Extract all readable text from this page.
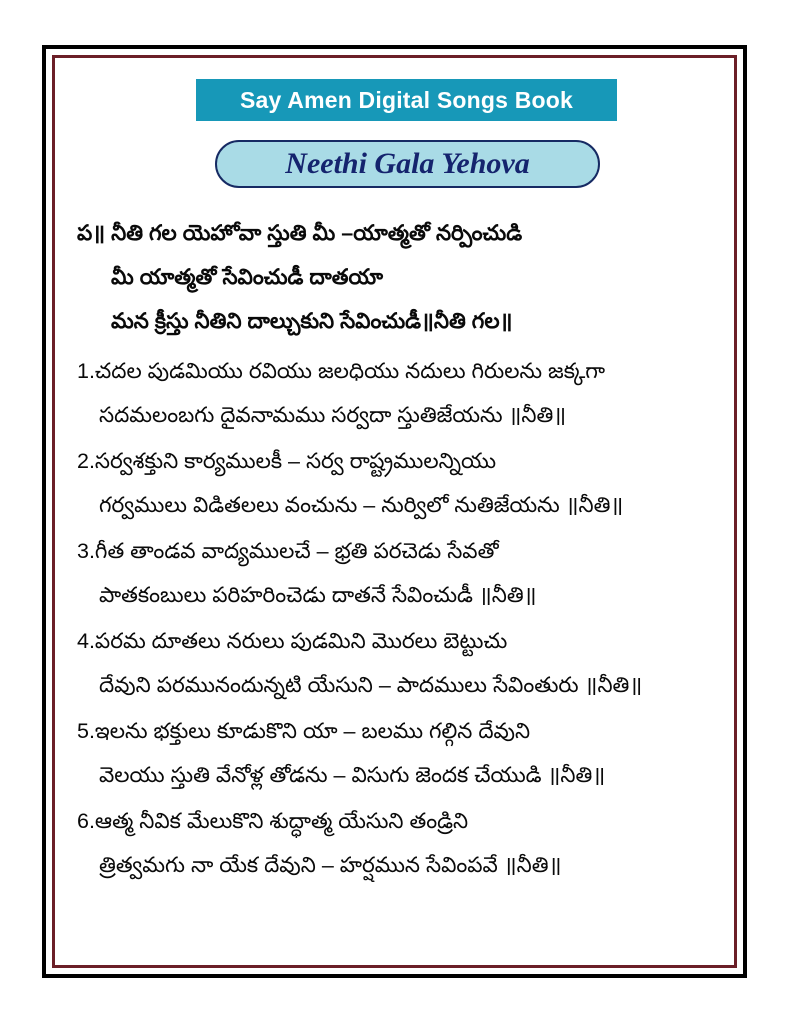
Say Amen Digital Songs Book
Neethi Gala Yehova
ప॥ నీతి గల యెహోవా స్తుతి మీ –యాత్మతో నర్పించుడి
మీ యాత్మతో సేవించుడీ దాతయా
మన క్రీస్తు నీతిని దాల్చుకుని సేవించుడీ॥నీతి గల॥
1.చదల పుడమియు రవియు జలధియు నదులు గిరులను జక్కగా
సదమలంబగు దైవనామము సర్వదా స్తుతిజేయను ॥నీతి॥
2.సర్వశక్తుని కార్యములకీ – సర్వ రాష్ట్రములన్నియు
గర్వములు విడితలలు వంచును – నుర్విలో నుతిజేయను ॥నీతి॥
3.గీత తాండవ వాద్యములచే – భ్రతి పరచెడు సేవతో
పాతకంబులు పరిహరించెడు దాతనే సేవించుడీ ॥నీతి॥
4.పరమ దూతలు నరులు పుడమిని మొరలు బెట్టుచు
దేవుని పరమునందున్నటి యేసుని – పాదములు సేవింతురు ॥నీతి॥
5.ఇలను భక్తులు కూడుకొని యా – బలము గల్గిన దేవుని
వెలయు స్తుతి వేనోళ్ల తోడను – విసుగు జెందక చేయుడి ॥నీతి॥
6.ఆత్మ నీవిక మేలుకొని శుద్ధాత్మ యేసుని తండ్రిని
త్రిత్వమగు నా యేక దేవుని – హర్షమున సేవింపవే ॥నీతి॥
